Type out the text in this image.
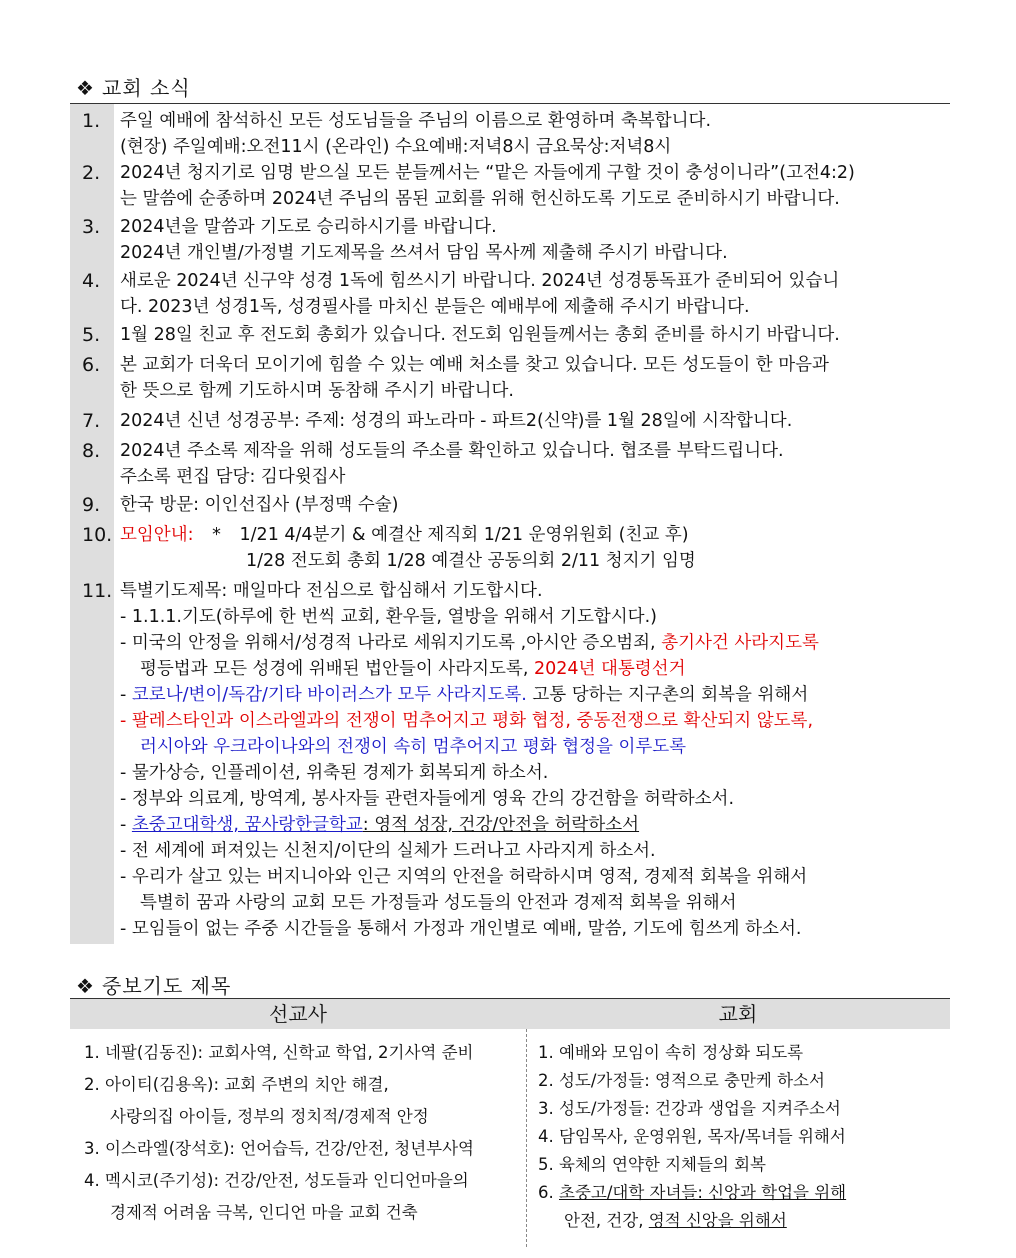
❖ 교회 소식
1. 주일 예배에 참석하신 모든 성도님들을 주님의 이름으로 환영하며 축복합니다.
(현장) 주일예배:오전11시 (온라인) 수요예배:저녁8시 금요묵상:저녁8시
2. 2024년 청지기로 임명 받으실 모든 분들께서는 “맡은 자들에게 구할 것이 충성이니라”(고전4:2)
는 말씀에 순종하며 2024년 주님의 몸된 교회를 위해 헌신하도록 기도로 준비하시기 바랍니다.
3. 2024년을 말씀과 기도로 승리하시기를 바랍니다.
2024년 개인별/가정별 기도제목을 쓰셔서 담임 목사께 제출해 주시기 바랍니다.
4. 새로운 2024년 신구약 성경 1독에 힘쓰시기 바랍니다. 2024년 성경통독표가 준비되어 있습니
다. 2023년 성경1독, 성경필사를 마치신 분들은 예배부에 제출해 주시기 바랍니다.
5. 1월 28일 친교 후 전도회 총회가 있습니다. 전도회 임원들께서는 총회 준비를 하시기 바랍니다.
6. 본 교회가 더욱더 모이기에 힘쓸 수 있는 예배 처소를 찾고 있습니다. 모든 성도들이 한 마음과
한 뜻으로 함께 기도하시며 동참해 주시기 바랍니다.
7. 2024년 신년 성경공부: 주제: 성경의 파노라마 - 파트2(신약)를 1월 28일에 시작합니다.
8. 2024년 주소록 제작을 위해 성도들의 주소를 확인하고 있습니다. 협조를 부탁드립니다.
주소록 편집 담당: 김다윗집사
9. 한국 방문: 이인선집사 (부정맥 수술)
10. 모임안내: * 1/21 4/4분기 & 예결산 제직회 1/21 운영위원회 (친교 후)
1/28 전도회 총회 1/28 예결산 공동의회 2/11 청지기 임명
11. 특별기도제목: 매일마다 전심으로 합심해서 기도합시다.
- 1.1.1.기도(하루에 한 번씩 교회, 환우들, 열방을 위해서 기도합시다.)
- 미국의 안정을 위해서/성경적 나라로 세워지기도록 ,아시안 증오범죄, 총기사건 사라지도록
평등법과 모든 성경에 위배된 법안들이 사라지도록, 2024년 대통령선거
- 코로나/변이/독감/기타 바이러스가 모두 사라지도록. 고통 당하는 지구촌의 회복을 위해서
- 팔레스타인과 이스라엘과의 전쟁이 멈추어지고 평화 협정, 중동전쟁으로 확산되지 않도록,
러시아와 우크라이나와의 전쟁이 속히 멈추어지고 평화 협정을 이루도록
- 물가상승, 인플레이션, 위축된 경제가 회복되게 하소서.
- 정부와 의료계, 방역계, 봉사자들 관련자들에게 영육 간의 강건함을 허락하소서.
- 초중고대학생, 꿈사랑한글학교: 영적 성장, 건강/안전을 허락하소서
- 전 세계에 퍼져있는 신천지/이단의 실체가 드러나고 사라지게 하소서.
- 우리가 살고 있는 버지니아와 인근 지역의 안전을 허락하시며 영적, 경제적 회복을 위해서
특별히 꿈과 사랑의 교회 모든 가정들과 성도들의 안전과 경제적 회복을 위해서
- 모임들이 없는 주중 시간들을 통해서 가정과 개인별로 예배, 말씀, 기도에 힘쓰게 하소서.
❖ 중보기도 제목
선교사	교회
1. 네팔(김동진): 교회사역, 신학교 학업, 2기사역 준비
2. 아이티(김용옥): 교회 주변의 치안 해결,
사랑의집 아이들, 정부의 정치적/경제적 안정
3. 이스라엘(장석호): 언어습득, 건강/안전, 청년부사역
4. 멕시코(주기성): 건강/안전, 성도들과 인디언마을의
경제적 어려움 극복, 인디언 마을 교회 건축
1. 예배와 모임이 속히 정상화 되도록
2. 성도/가정들: 영적으로 충만케 하소서
3. 성도/가정들: 건강과 생업을 지켜주소서
4. 담임목사, 운영위원, 목자/목녀들 위해서
5. 육체의 연약한 지체들의 회복
6. 초중고/대학 자녀들: 신앙과 학업을 위해
안전, 건강, 영적 신앙을 위해서
